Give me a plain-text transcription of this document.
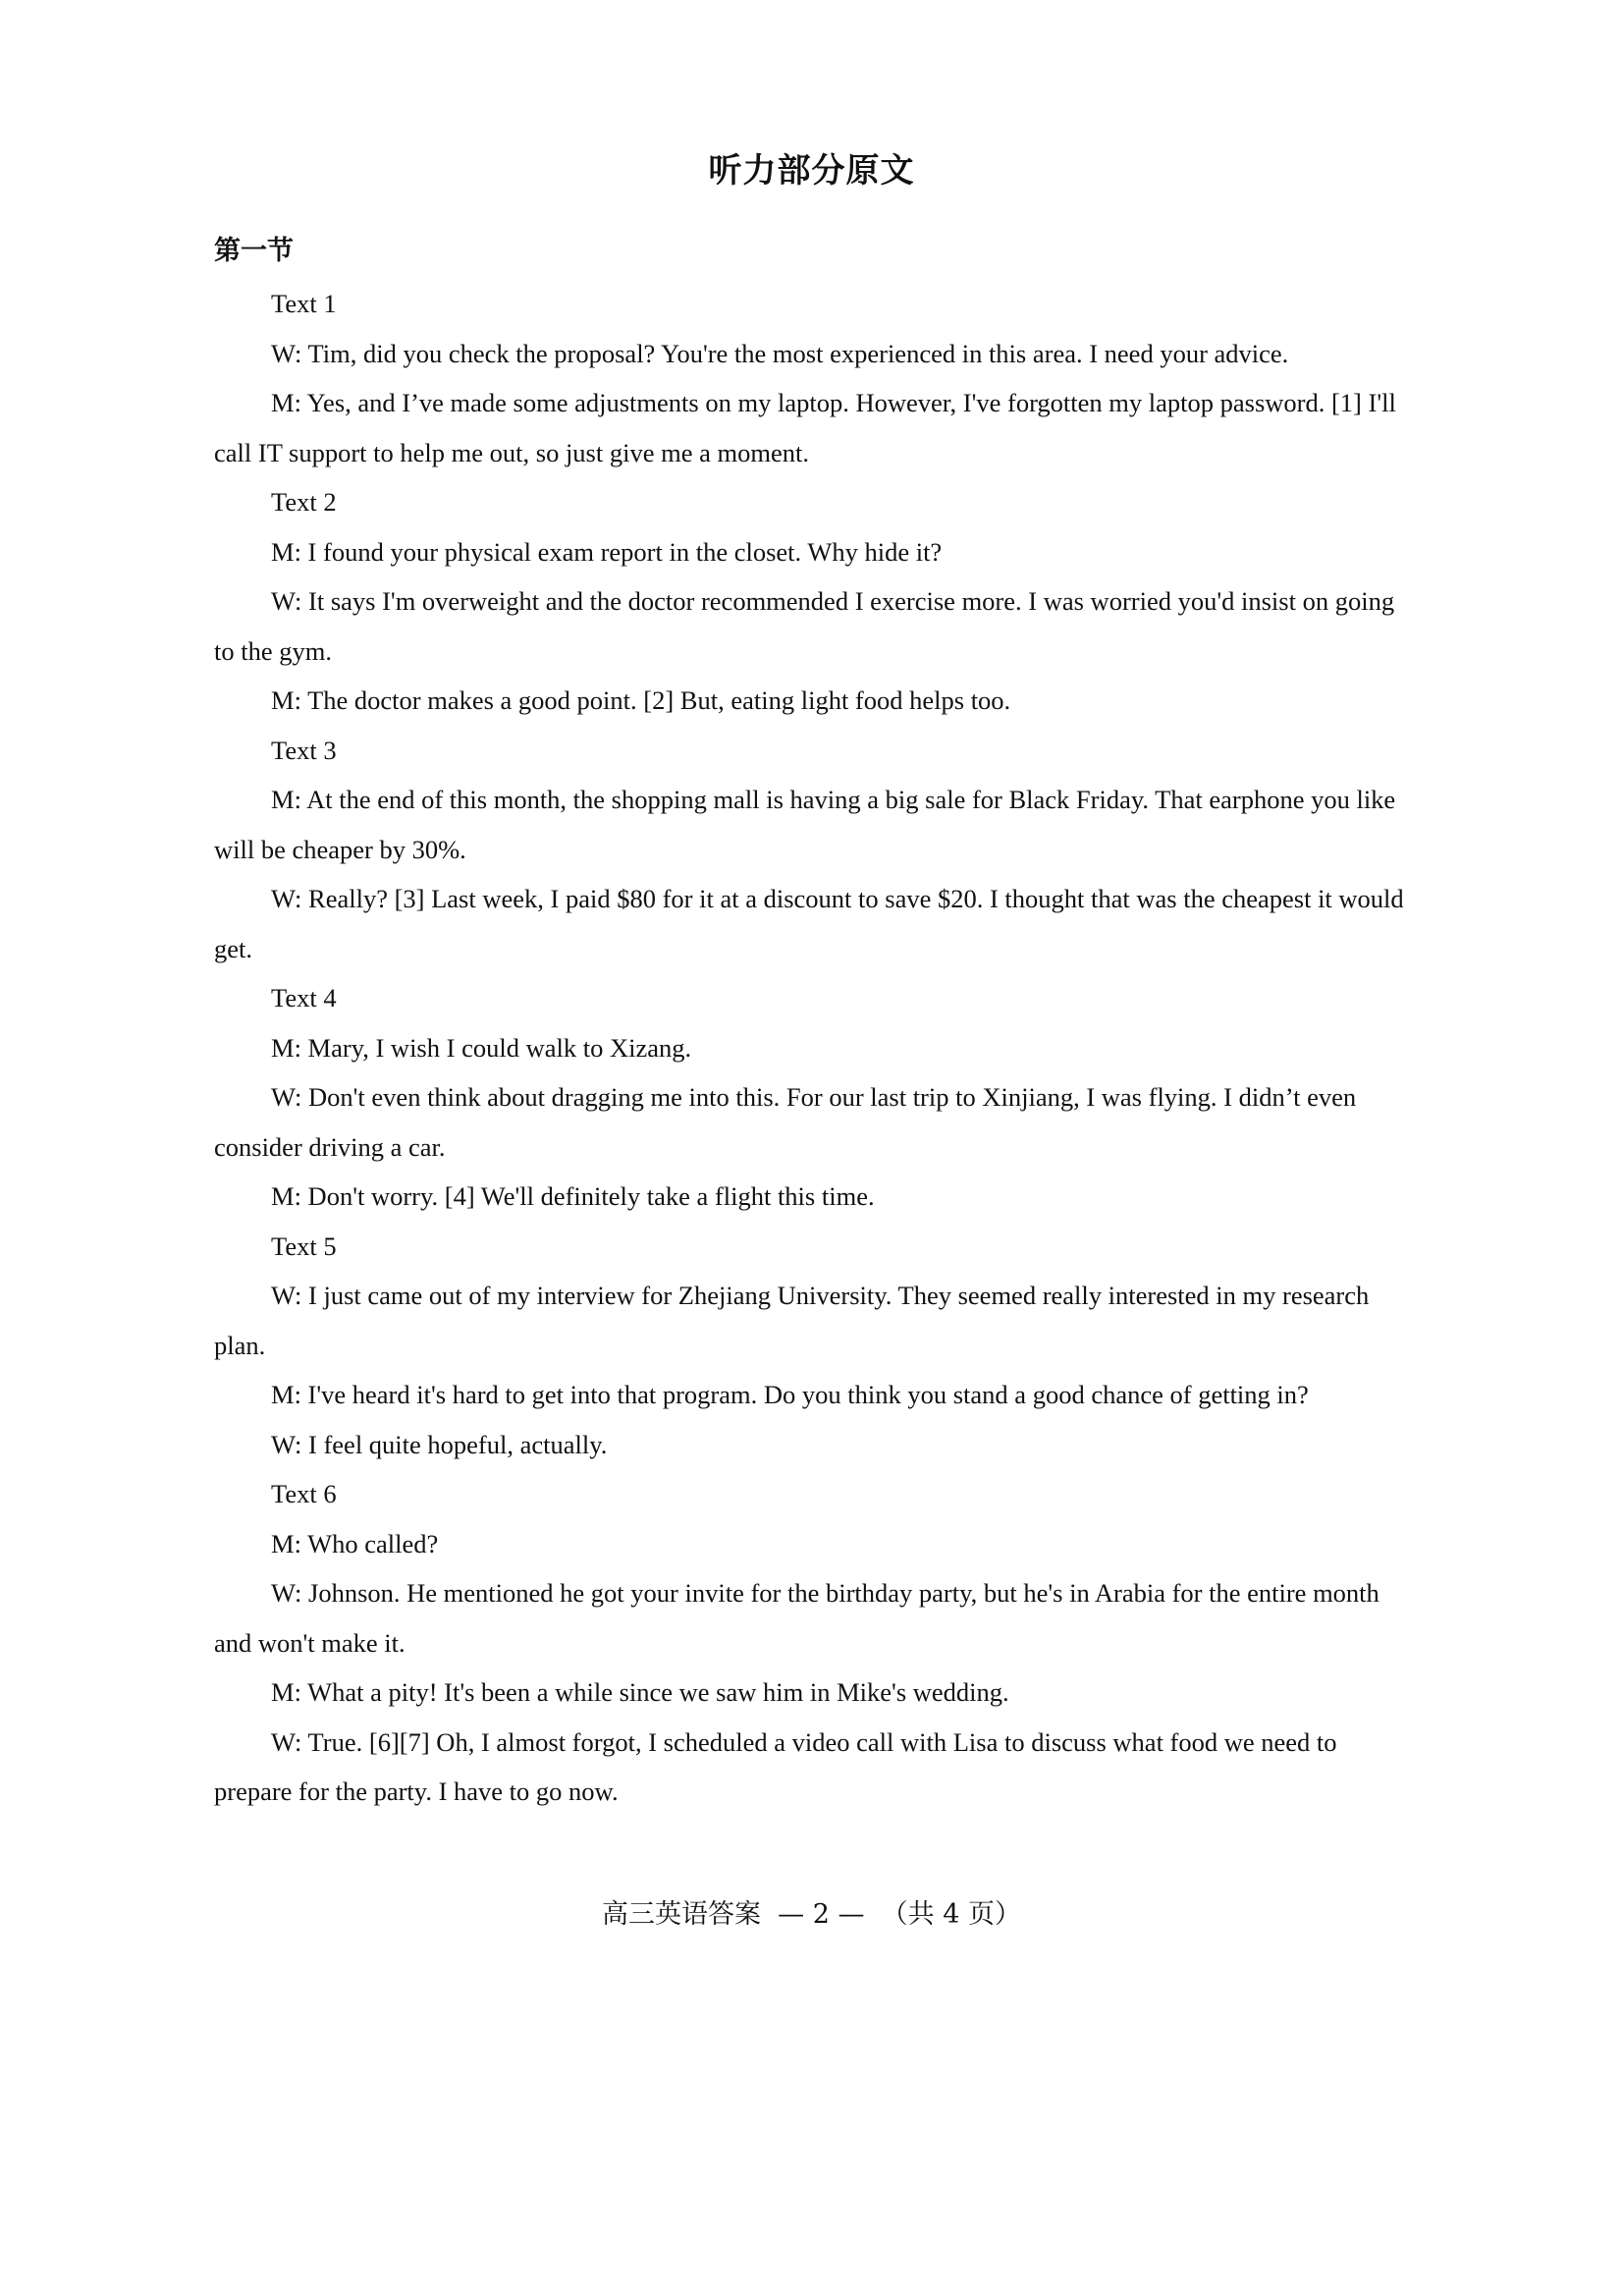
听力部分原文
第一节

Text 1

W: Tim, did you check the proposal? You're the most experienced in this area. I need your advice.

M: Yes, and I’ve made some adjustments on my laptop. However, I've forgotten my laptop password. [1] I'll call IT support to help me out, so just give me a moment.

Text 2

M: I found your physical exam report in the closet. Why hide it?

W: It says I'm overweight and the doctor recommended I exercise more. I was worried you'd insist on going to the gym.

M: The doctor makes a good point. [2] But, eating light food helps too.

Text 3

M: At the end of this month, the shopping mall is having a big sale for Black Friday. That earphone you like will be cheaper by 30%.

W: Really? [3] Last week, I paid $80 for it at a discount to save $20. I thought that was the cheapest it would get.

Text 4

M: Mary, I wish I could walk to Xizang.

W: Don't even think about dragging me into this. For our last trip to Xinjiang, I was flying. I didn’t even consider driving a car.

M: Don't worry. [4] We'll definitely take a flight this time.

Text 5

W: I just came out of my interview for Zhejiang University. They seemed really interested in my research plan.

M: I've heard it's hard to get into that program. Do you think you stand a good chance of getting in?

W: I feel quite hopeful, actually.

Text 6

M: Who called?

W: Johnson. He mentioned he got your invite for the birthday party, but he's in Arabia for the entire month and won't make it.

M: What a pity! It's been a while since we saw him in Mike's wedding.

W: True. [6][7] Oh, I almost forgot, I scheduled a video call with Lisa to discuss what food we need to prepare for the party. I have to go now.

高三英语答案  — 2 —  （共 4 页）
